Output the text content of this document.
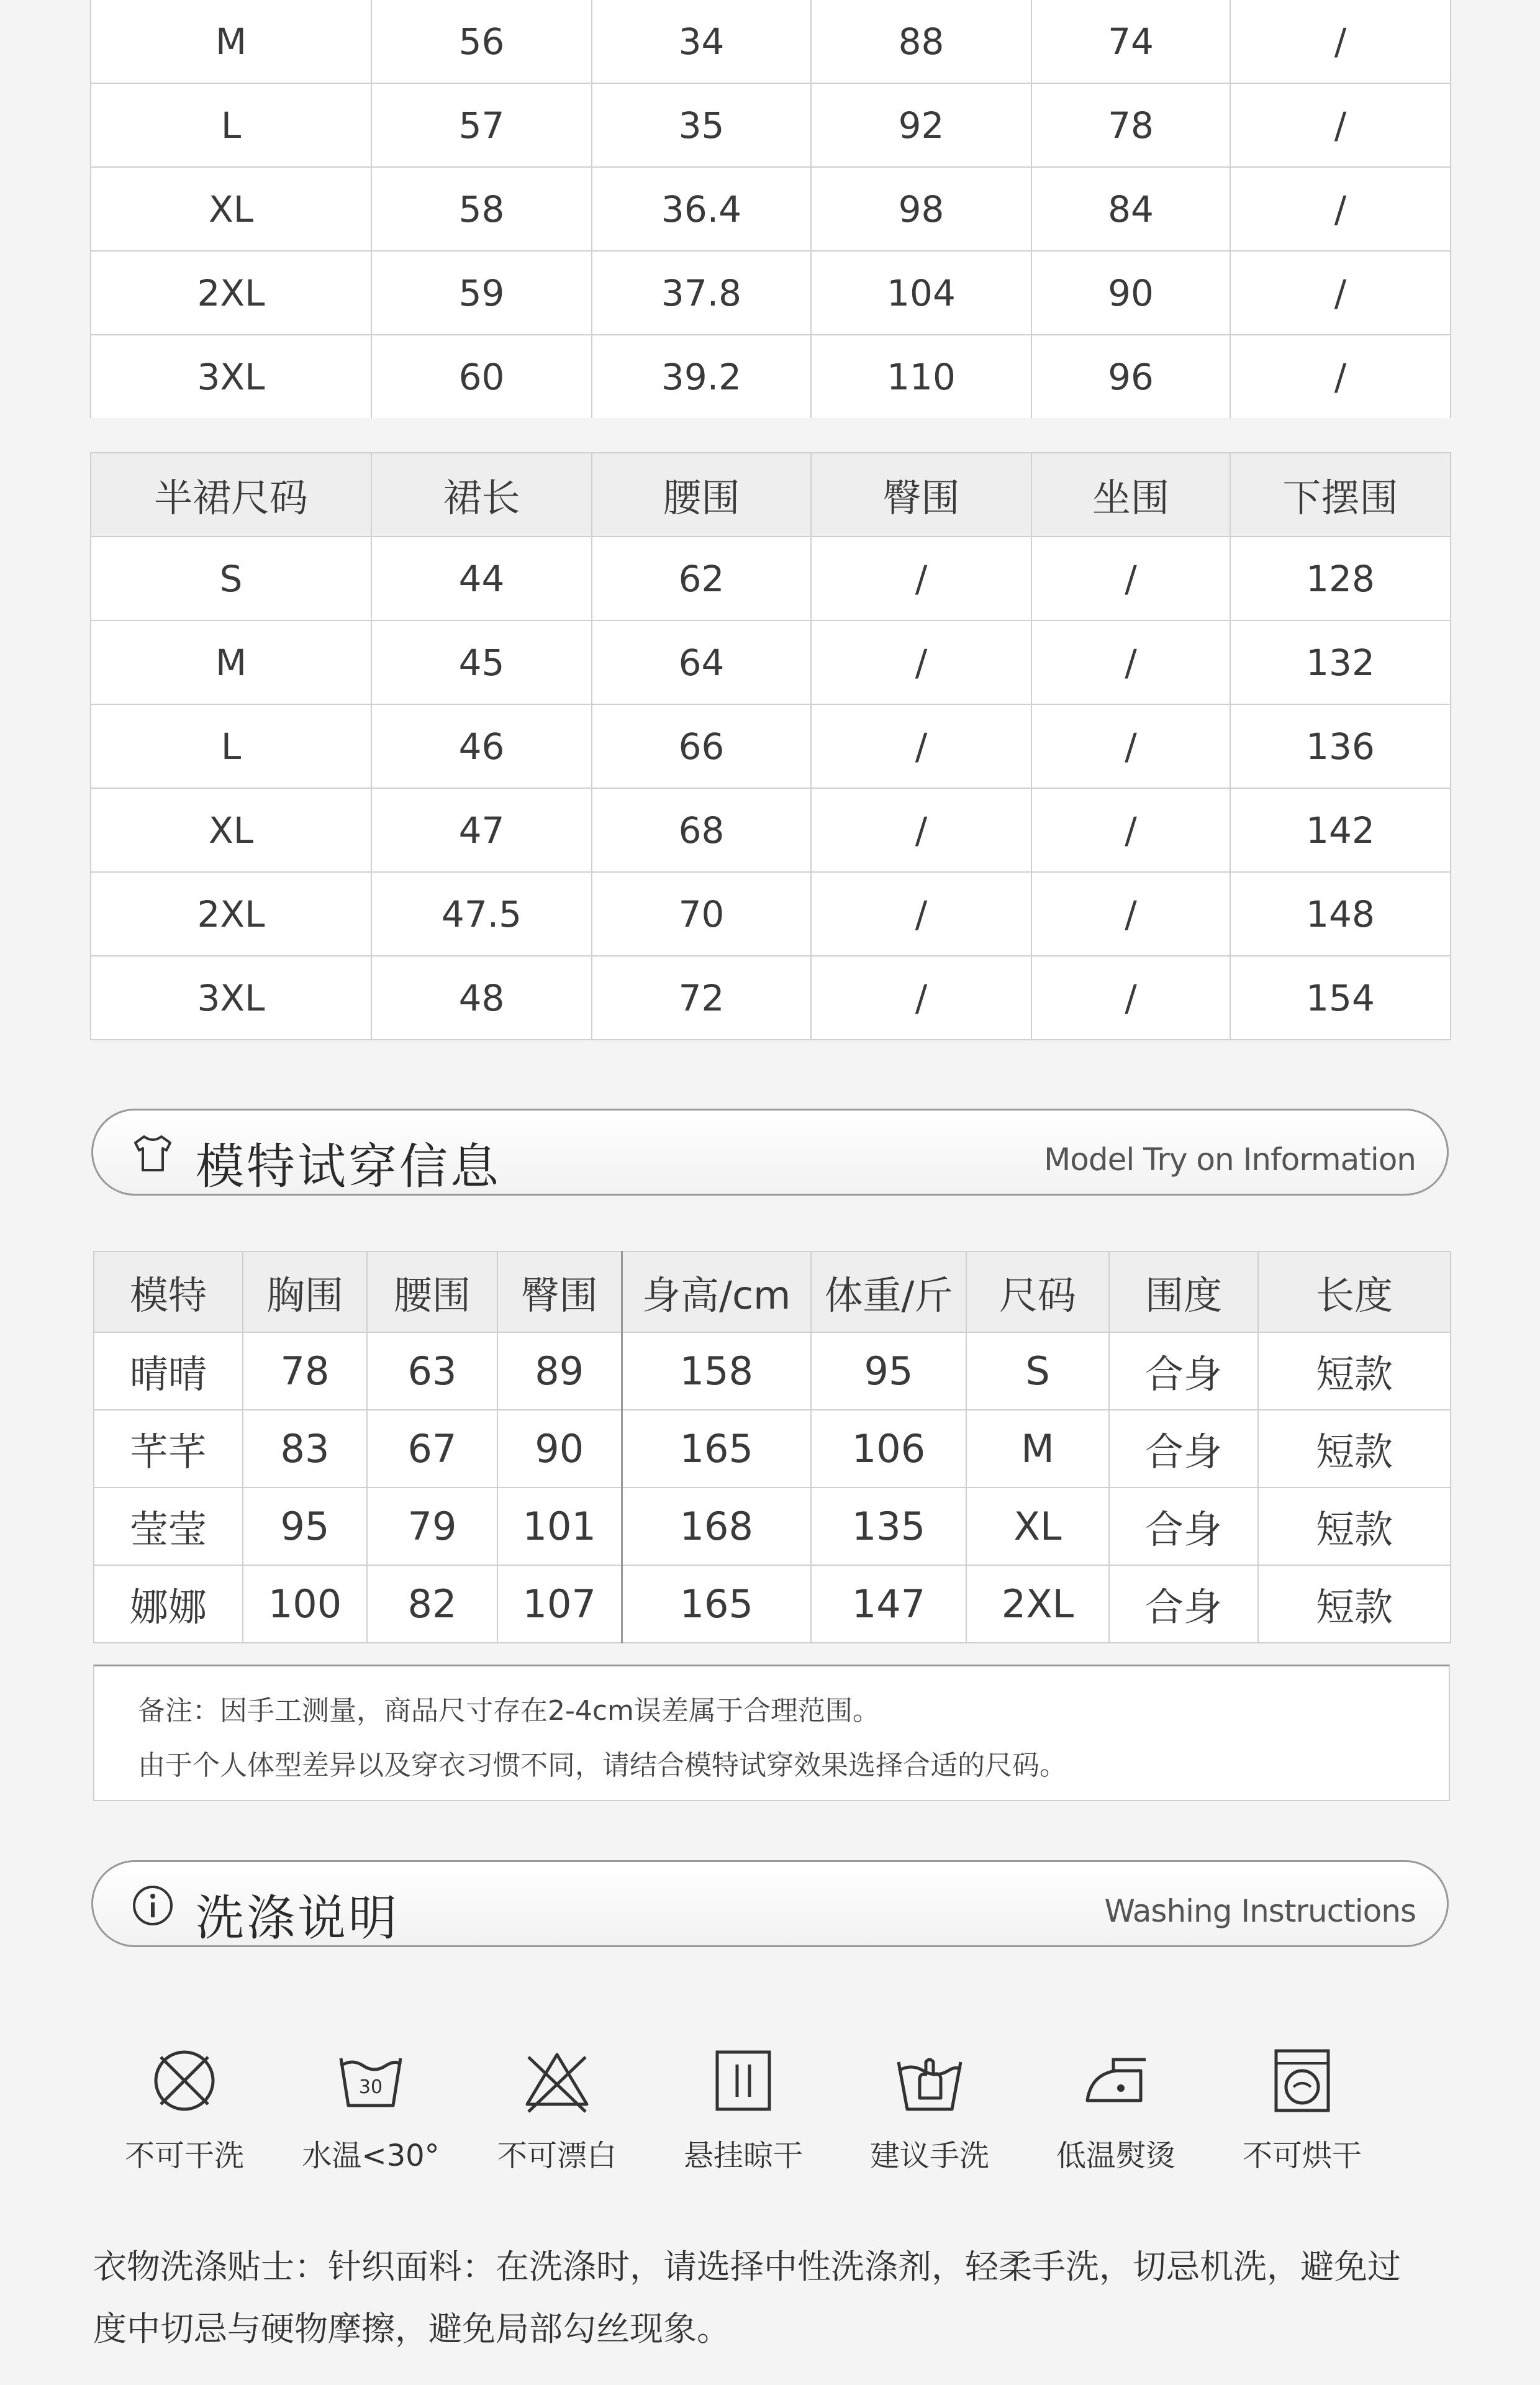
M	56	34	88	74	/
L	57	35	92	78	/
XL	58	36.4	98	84	/
2XL	59	37.8	104	90	/
3XL	60	39.2	110	96	/
半裙尺码	裙长	腰围	臀围	坐围	下摆围
S	44	62	/	/	128
M	45	64	/	/	132
L	46	66	/	/	136
XL	47	68	/	/	142
2XL	47.5	70	/	/	148
3XL	48	72	/	/	154
模特试穿信息	Model Try on Information
模特	胸围	腰围	臀围	身高/cm	体重/斤	尺码	围度	长度
晴晴	78	63	89	158	95	S	合身	短款
芊芊	83	67	90	165	106	M	合身	短款
莹莹	95	79	101	168	135	XL	合身	短款
娜娜	100	82	107	165	147	2XL	合身	短款
备注：因手工测量，商品尺寸存在2-4cm误差属于合理范围。
由于个人体型差异以及穿衣习惯不同，请结合模特试穿效果选择合适的尺码。
洗涤说明	Washing Instructions
不可干洗
30
水温<30°	不可漂白	悬挂晾干	建议手洗	低温熨烫	不可烘干
衣物洗涤贴士：针织面料：在洗涤时，请选择中性洗涤剂，轻柔手洗，切忌机洗，避免过
度中切忌与硬物摩擦，避免局部勾丝现象。
